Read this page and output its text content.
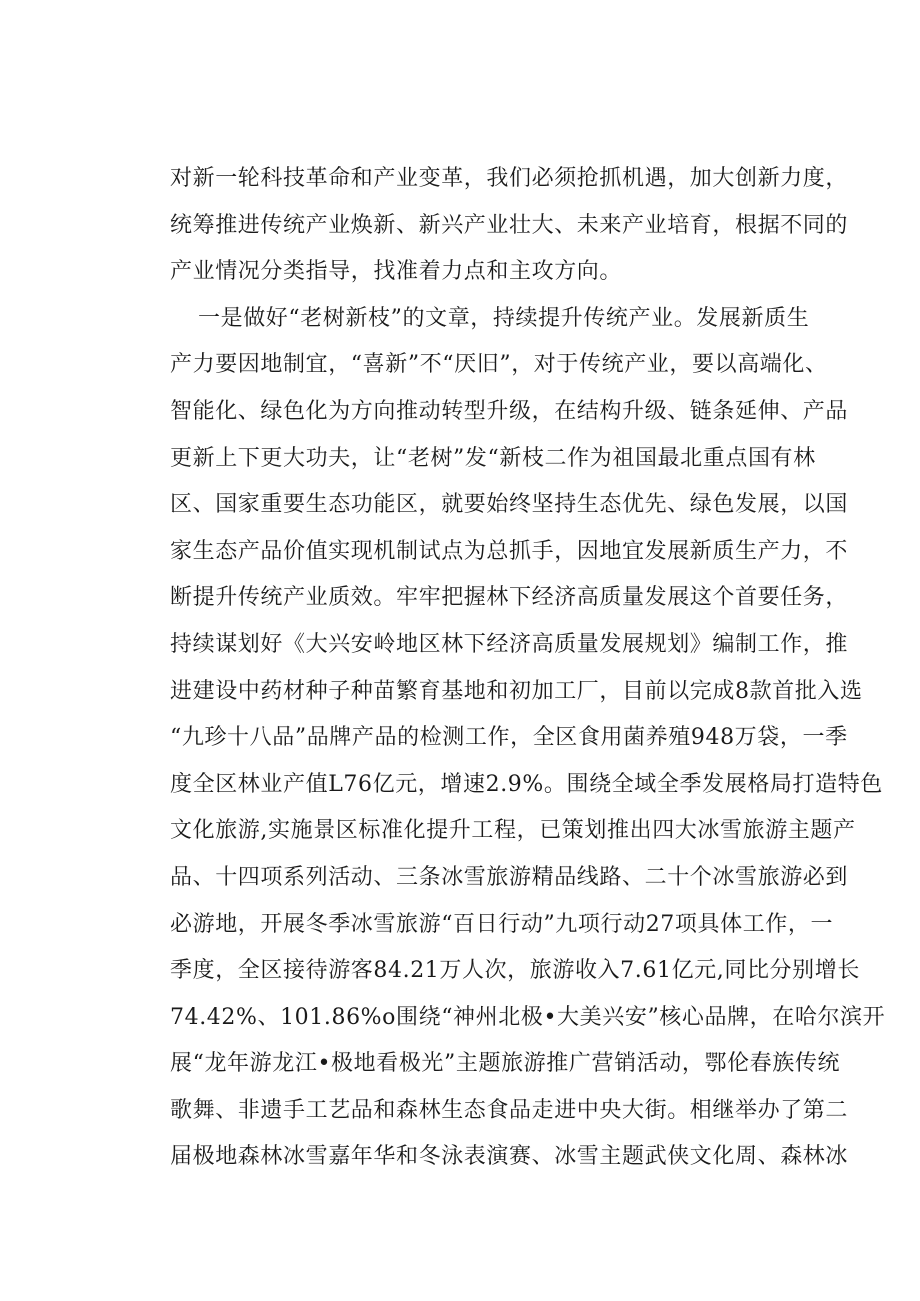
对新一轮科技革命和产业变革，我们必须抢抓机遇，加大创新力度，
统筹推进传统产业焕新、新兴产业壮大、未来产业培育，根据不同的
产业情况分类指导，找准着力点和主攻方向。
一是做好“老树新枝”的文章，持续提升传统产业。发展新质生
产力要因地制宜，“喜新”不“厌旧”，对于传统产业，要以高端化、
智能化、绿色化为方向推动转型升级，在结构升级、链条延伸、产品
更新上下更大功夫，让“老树”发“新枝二作为祖国最北重点国有林
区、国家重要生态功能区，就要始终坚持生态优先、绿色发展，以国
家生态产品价值实现机制试点为总抓手，因地宜发展新质生产力，不
断提升传统产业质效。牢牢把握林下经济高质量发展这个首要任务，
持续谋划好《大兴安岭地区林下经济高质量发展规划》编制工作，推
进建设中药材种子种苗繁育基地和初加工厂，目前以完成8款首批入选
“九珍十八品”品牌产品的检测工作，全区食用菌养殖948万袋，一季
度全区林业产值L76亿元，增速2.9%。围绕全域全季发展格局打造特色
文化旅游,实施景区标准化提升工程，已策划推出四大冰雪旅游主题产
品、十四项系列活动、三条冰雪旅游精品线路、二十个冰雪旅游必到
必游地，开展冬季冰雪旅游“百日行动”九项行动27项具体工作，一
季度，全区接待游客84.21万人次，旅游收入7.61亿元,同比分别增长
74.42%、101.86%o围绕“神州北极•大美兴安”核心品牌，在哈尔滨开
展“龙年游龙江•极地看极光”主题旅游推广营销活动，鄂伦春族传统
歌舞、非遗手工艺品和森林生态食品走进中央大街。相继举办了第二
届极地森林冰雪嘉年华和冬泳表演赛、冰雪主题武侠文化周、森林冰
